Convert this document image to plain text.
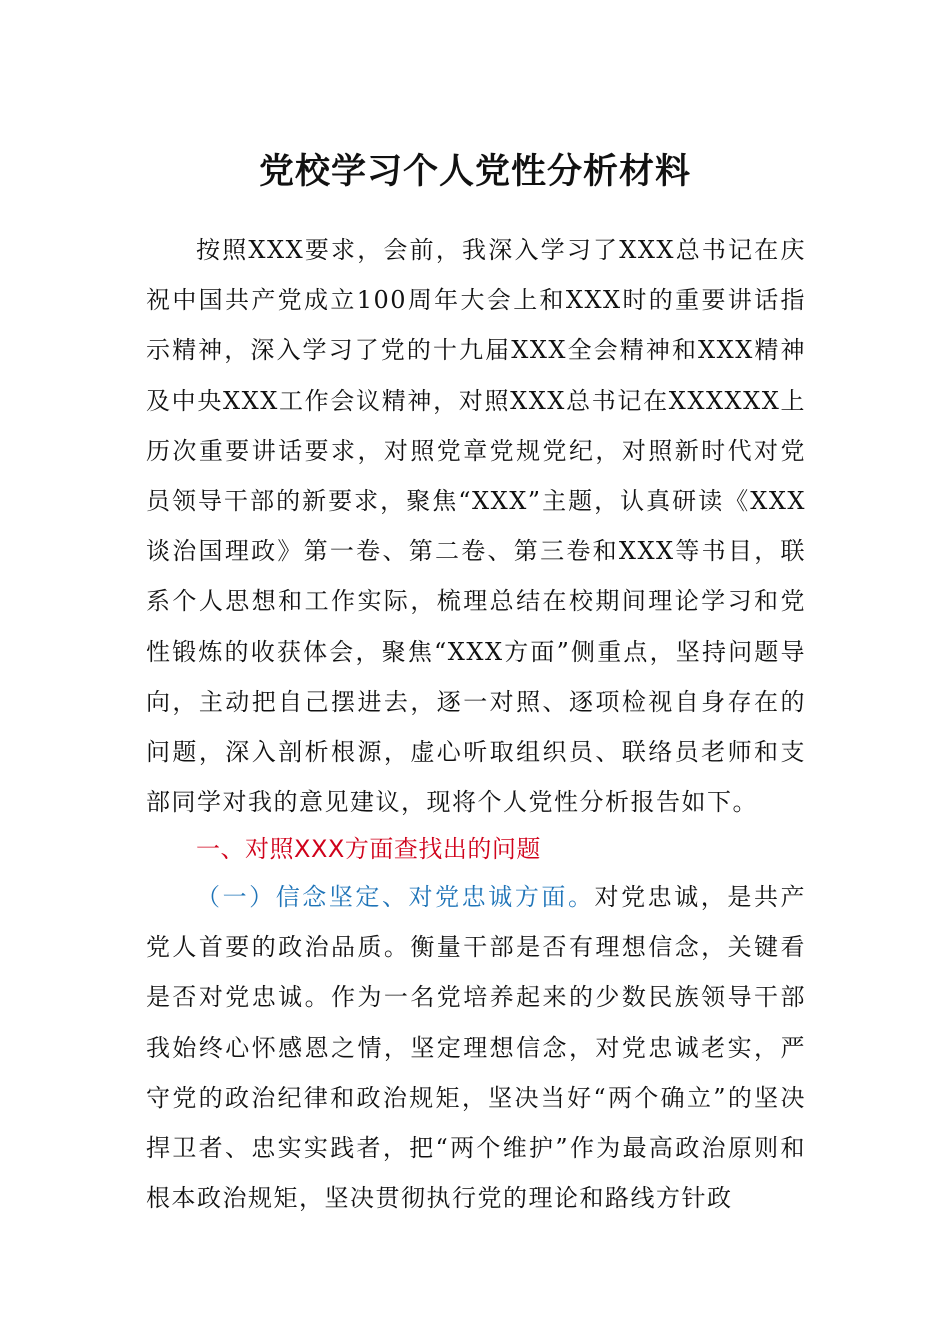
党校学习个人党性分析材料
按照XXX要求，会前，我深入学习了XXX总书记在庆祝中国共产党成立100周年大会上和XXX时的重要讲话指示精神，深入学习了党的十九届XXX全会精神和XXX精神及中央XXX工作会议精神，对照XXX总书记在XXXXXX上历次重要讲话要求，对照党章党规党纪，对照新时代对党员领导干部的新要求，聚焦“XXX”主题，认真研读《XXX谈治国理政》第一卷、第二卷、第三卷和XXX等书目，联系个人思想和工作实际，梳理总结在校期间理论学习和党性锻炼的收获体会，聚焦“XXX方面”侧重点，坚持问题导向，主动把自己摆进去，逐一对照、逐项检视自身存在的问题，深入剖析根源，虚心听取组织员、联络员老师和支部同学对我的意见建议，现将个人党性分析报告如下。
一、对照XXX方面查找出的问题
（一）信念坚定、对党忠诚方面。对党忠诚，是共产党人首要的政治品质。衡量干部是否有理想信念，关键看是否对党忠诚。作为一名党培养起来的少数民族领导干部我始终心怀感恩之情，坚定理想信念，对党忠诚老实，严守党的政治纪律和政治规矩，坚决当好“两个确立”的坚决捍卫者、忠实实践者，把“两个维护”作为最高政治原则和根本政治规矩，坚决贯彻执行党的理论和路线方针政
